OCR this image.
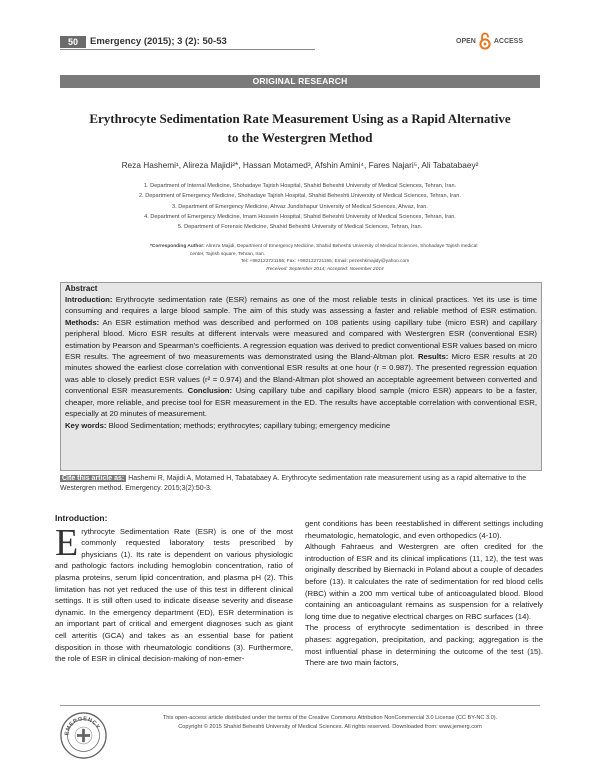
50	Emergency (2015); 3 (2): 50-53	OPEN	ACCESS
ORIGINAL RESEARCH
Erythrocyte Sedimentation Rate Measurement Using as a Rapid Alternative
to the Westergren Method
Reza Hashemi¹, Alireza Majidi²*, Hassan Motamed³, Afshin Amini⁴, Fares Najari⁵, Ali Tabatabaey²
1. Department of Internal Medicine, Shohadaye Tajrish Hospital, Shahid Beheshti University of Medical Sciences, Tehran, Iran.
2. Department of Emergency Medicine, Shohadaye Tajrish Hospital, Shahid Beheshti University of Medical Sciences, Tehran, Iran.
3. Department of Emergency Medicine, Ahvaz Jundishapur University of Medical Sciences, Ahvaz, Iran.
4. Department of Emergency Medicine, Imam Hossein Hospital, Shahid Beheshti University of Medical Sciences, Tehran, Iran.
5. Department of Forensic Medicine, Shahid Beheshti University of Medical Sciences, Tehran, Iran.
*Corresponding Author: Alireza Majidi, Department of Emergency Medicine, Shahid Beheshti University of Medical Sciences, Shohadaye Tajrish medical
center, Tajrish square, Tehran, Iran.
Tel: +982122721155; Fax: +982122721155; Email: pezeshkmajidy@yahoo.com
Received: September 2014; Accepted: November 2014
Abstract

Introduction: Erythrocyte sedimentation rate (ESR) remains as one of the most reliable tests in clinical practices. Yet its use is time consuming and requires a large blood sample. The aim of this study was assessing a faster and reliable method of ESR estimation. Methods: An ESR estimation method was described and performed on 108 patients using capillary tube (micro ESR) and capillary peripheral blood. Micro ESR results at different intervals were measured and compared with Westergren ESR (conventional ESR) estimation by Pearson and Spearman's coefficients. A regression equation was derived to predict conventional ESR values based on micro ESR results. The agreement of two measurements was demonstrated using the Bland-Altman plot. Results: Micro ESR results at 20 minutes showed the earliest close correlation with conventional ESR results at one hour (r = 0.987). The presented regression equation was able to closely predict ESR values (r² = 0.974) and the Bland-Altman plot showed an acceptable agreement between converted and conventional ESR measurements. Conclusion: Using capillary tube and capillary blood sample (micro ESR) appears to be a faster, cheaper, more reliable, and precise tool for ESR measurement in the ED. The results have acceptable correlation with conventional ESR, especially at 20 minutes of measurement.

Key words: Blood Sedimentation; methods; erythrocytes; capillary tubing; emergency medicine

Cite this article as: Hashemi R, Majidi A, Motamed H, Tabatabaey A. Erythrocyte sedimentation rate measurement using as a rapid alternative to the Westergren method. Emergency. 2015;3(2):50-3.
Introduction:

Erythrocyte Sedimentation Rate (ESR) is one of the most commonly requested laboratory tests prescribed by physicians (1). Its rate is dependent on various physiologic and pathologic factors including hemoglobin concentration, ratio of plasma proteins, serum lipid concentration, and plasma pH (2). This limitation has not yet reduced the use of this test in different clinical settings. It is still often used to indicate disease severity and disease dynamic. In the emergency department (ED), ESR determination is an important part of critical and emergent diagnoses such as giant cell arteritis (GCA) and takes as an essential base for patient disposition in those with rheumatologic conditions (3). Furthermore, the role of ESR in clinical decision-making of non-emer-

gent conditions has been reestablished in different settings including rheumatologic, hematologic, and even orthopedics (4-10).

Although Fahraeus and Westergren are often credited for the introduction of ESR and its clinical implications (11, 12), the test was originally described by Biernacki in Poland about a couple of decades before (13). It calculates the rate of sedimentation for red blood cells (RBC) within a 200 mm vertical tube of anticoagulated blood. Blood containing an anticoagulant remains as suspension for a relatively long time due to negative electrical charges on RBC surfaces (14).

The process of erythrocyte sedimentation is described in three phases: aggregation, precipitation, and packing; aggregation is the most influential phase in determining the outcome of the test (15). There are two main factors,

EMERGENCY
This open-access article distributed under the terms of the Creative Commons Attribution NonCommercial 3.0 License (CC BY-NC 3.0).
Copyright © 2015 Shahid Beheshti University of Medical Sciences. All rights reserved. Downloaded from: www.jemerg.com
